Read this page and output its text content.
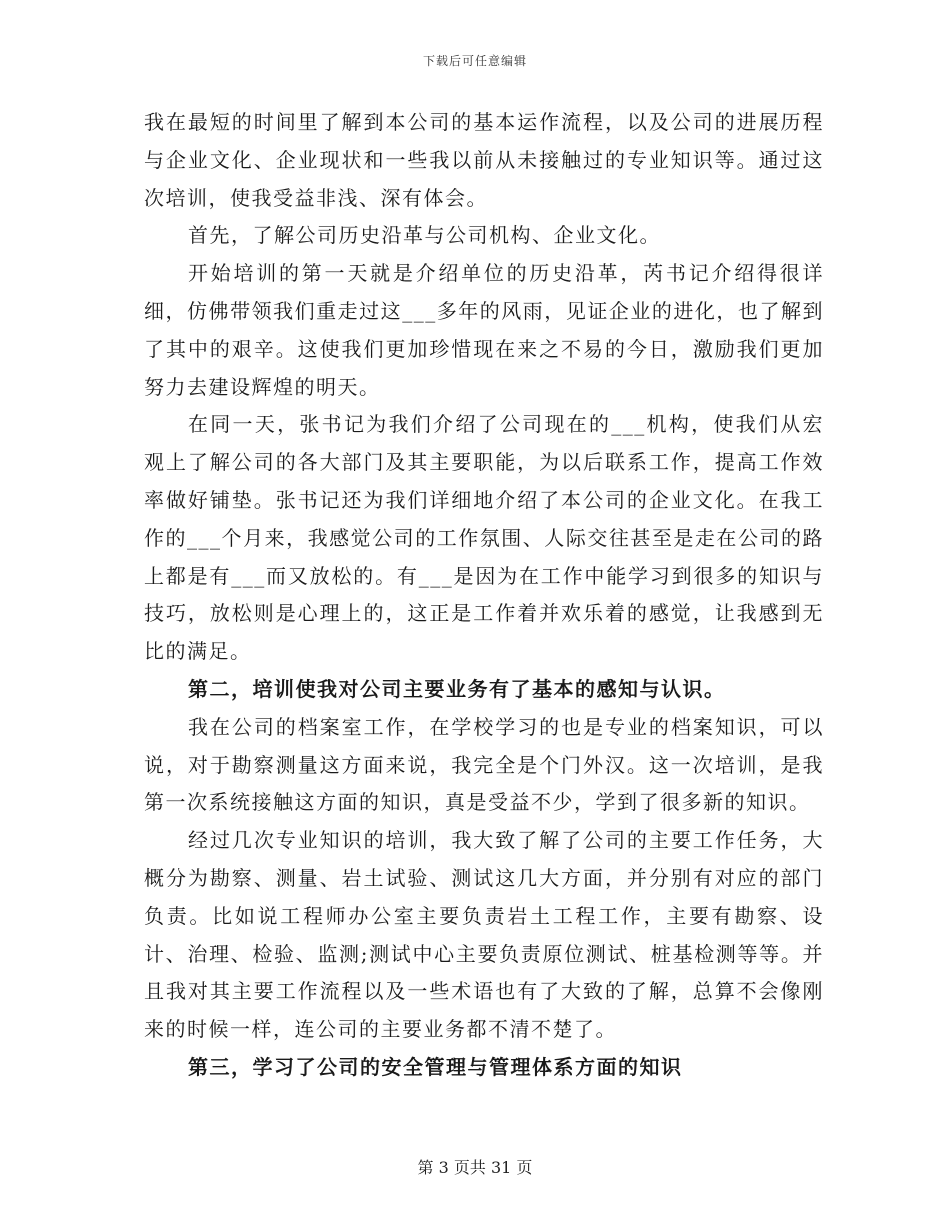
下载后可任意编辑

我在最短的时间里了解到本公司的基本运作流程，以及公司的进展历程与企业文化、企业现状和一些我以前从未接触过的专业知识等。通过这次培训，使我受益非浅、深有体会。

首先，了解公司历史沿革与公司机构、企业文化。

开始培训的第一天就是介绍单位的历史沿革，芮书记介绍得很详细，仿佛带领我们重走过这___多年的风雨，见证企业的进化，也了解到了其中的艰辛。这使我们更加珍惜现在来之不易的今日，激励我们更加努力去建设辉煌的明天。

在同一天，张书记为我们介绍了公司现在的___机构，使我们从宏观上了解公司的各大部门及其主要职能，为以后联系工作，提高工作效率做好铺垫。张书记还为我们详细地介绍了本公司的企业文化。在我工作的___个月来，我感觉公司的工作氛围、人际交往甚至是走在公司的路上都是有___而又放松的。有___是因为在工作中能学习到很多的知识与技巧，放松则是心理上的，这正是工作着并欢乐着的感觉，让我感到无比的满足。

第二，培训使我对公司主要业务有了基本的感知与认识。

我在公司的档案室工作，在学校学习的也是专业的档案知识，可以说，对于勘察测量这方面来说，我完全是个门外汉。这一次培训，是我第一次系统接触这方面的知识，真是受益不少，学到了很多新的知识。

经过几次专业知识的培训，我大致了解了公司的主要工作任务，大概分为勘察、测量、岩土试验、测试这几大方面，并分别有对应的部门负责。比如说工程师办公室主要负责岩土工程工作，主要有勘察、设计、治理、检验、监测;测试中心主要负责原位测试、桩基检测等等。并且我对其主要工作流程以及一些术语也有了大致的了解，总算不会像刚来的时候一样，连公司的主要业务都不清不楚了。

第三，学习了公司的安全管理与管理体系方面的知识

第 3 页共 31 页
